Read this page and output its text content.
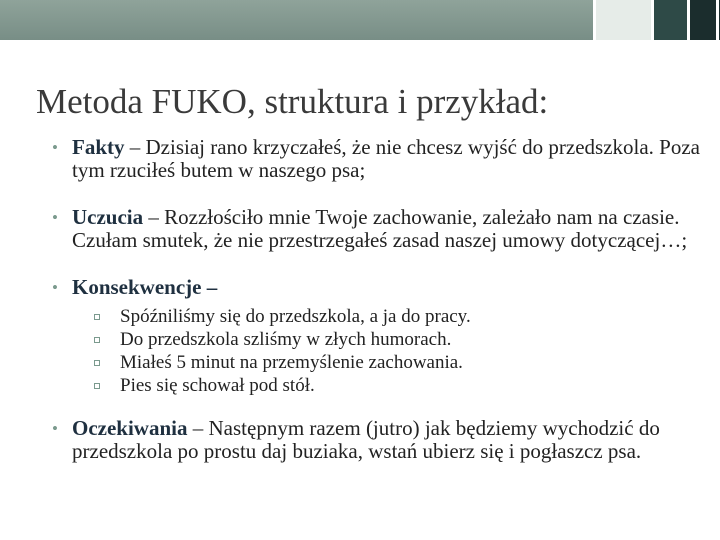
Metoda FUKO, struktura i przykład:

• Fakty – Dzisiaj rano krzyczałeś, że nie chcesz wyjść do przedszkola. Poza tym rzuciłeś butem w naszego psa;

• Uczucia – Rozzłościło mnie Twoje zachowanie, zależało nam na czasie. Czułam smutek, że nie przestrzegałeś zasad naszej umowy dotyczącej…;

• Konsekwencje –
Spóźniliśmy się do przedszkola, a ja do pracy.
Do przedszkola szliśmy w złych humorach.
Miałeś 5 minut na przemyślenie zachowania.
Pies się schował pod stół.

• Oczekiwania – Następnym razem (jutro) jak będziemy wychodzić do przedszkola po prostu daj buziaka, wstań ubierz się i pogłaszcz psa.
